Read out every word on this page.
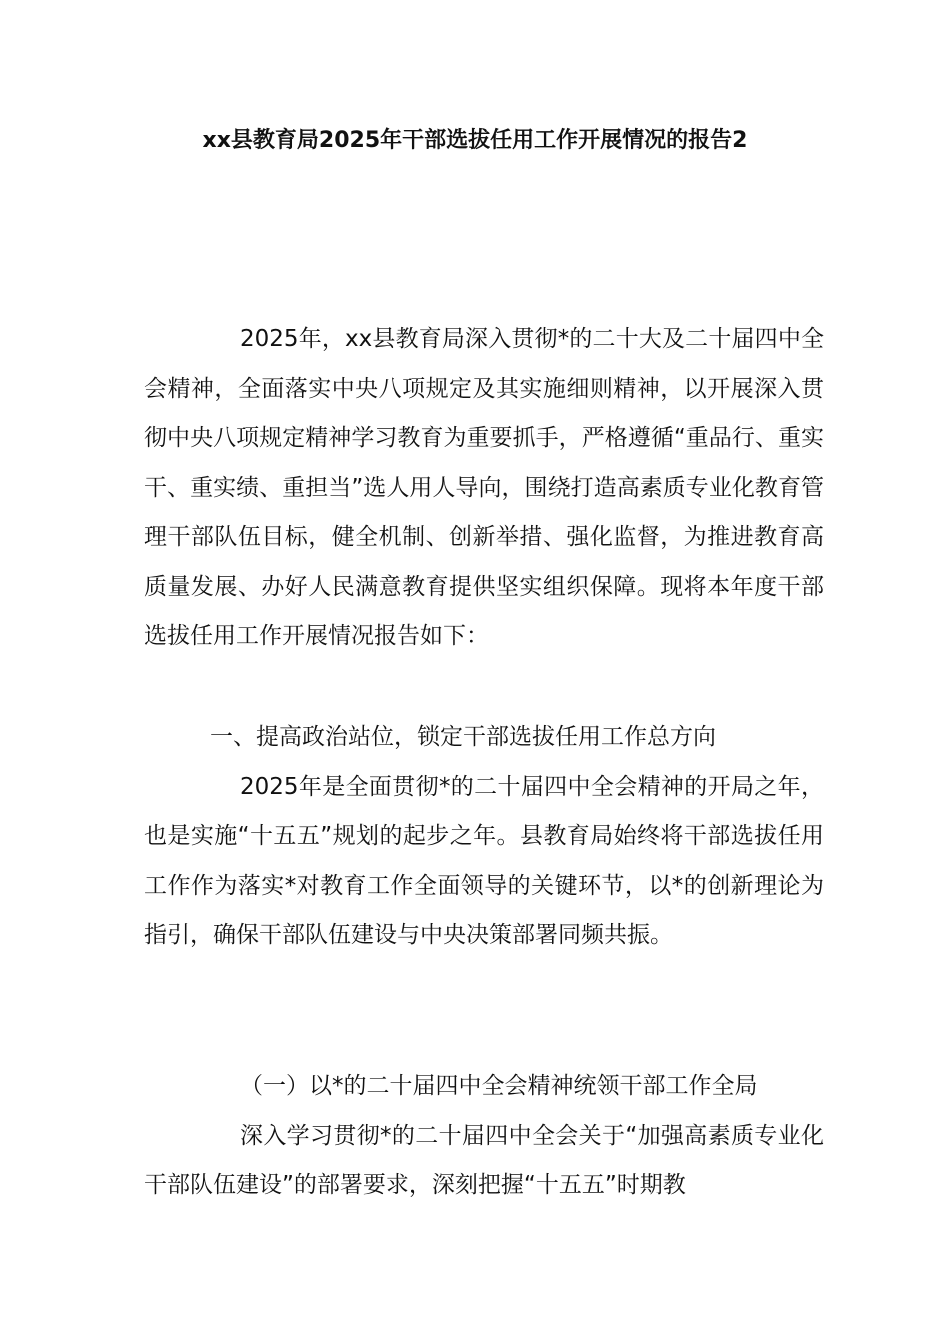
xx县教育局2025年干部选拔任用工作开展情况的报告2

2025年，xx县教育局深入贯彻*的二十大及二十届四中全会精神，全面落实中央八项规定及其实施细则精神，以开展深入贯彻中央八项规定精神学习教育为重要抓手，严格遵循“重品行、重实干、重实绩、重担当”选人用人导向，围绕打造高素质专业化教育管理干部队伍目标，健全机制、创新举措、强化监督，为推进教育高质量发展、办好人民满意教育提供坚实组织保障。现将本年度干部选拔任用工作开展情况报告如下：

一、提高政治站位，锁定干部选拔任用工作总方向

2025年是全面贯彻*的二十届四中全会精神的开局之年，也是实施“十五五”规划的起步之年。县教育局始终将干部选拔任用工作作为落实*对教育工作全面领导的关键环节，以*的创新理论为指引，确保干部队伍建设与中央决策部署同频共振。

（一）以*的二十届四中全会精神统领干部工作全局

深入学习贯彻*的二十届四中全会关于“加强高素质专业化干部队伍建设”的部署要求，深刻把握“十五五”时期教
